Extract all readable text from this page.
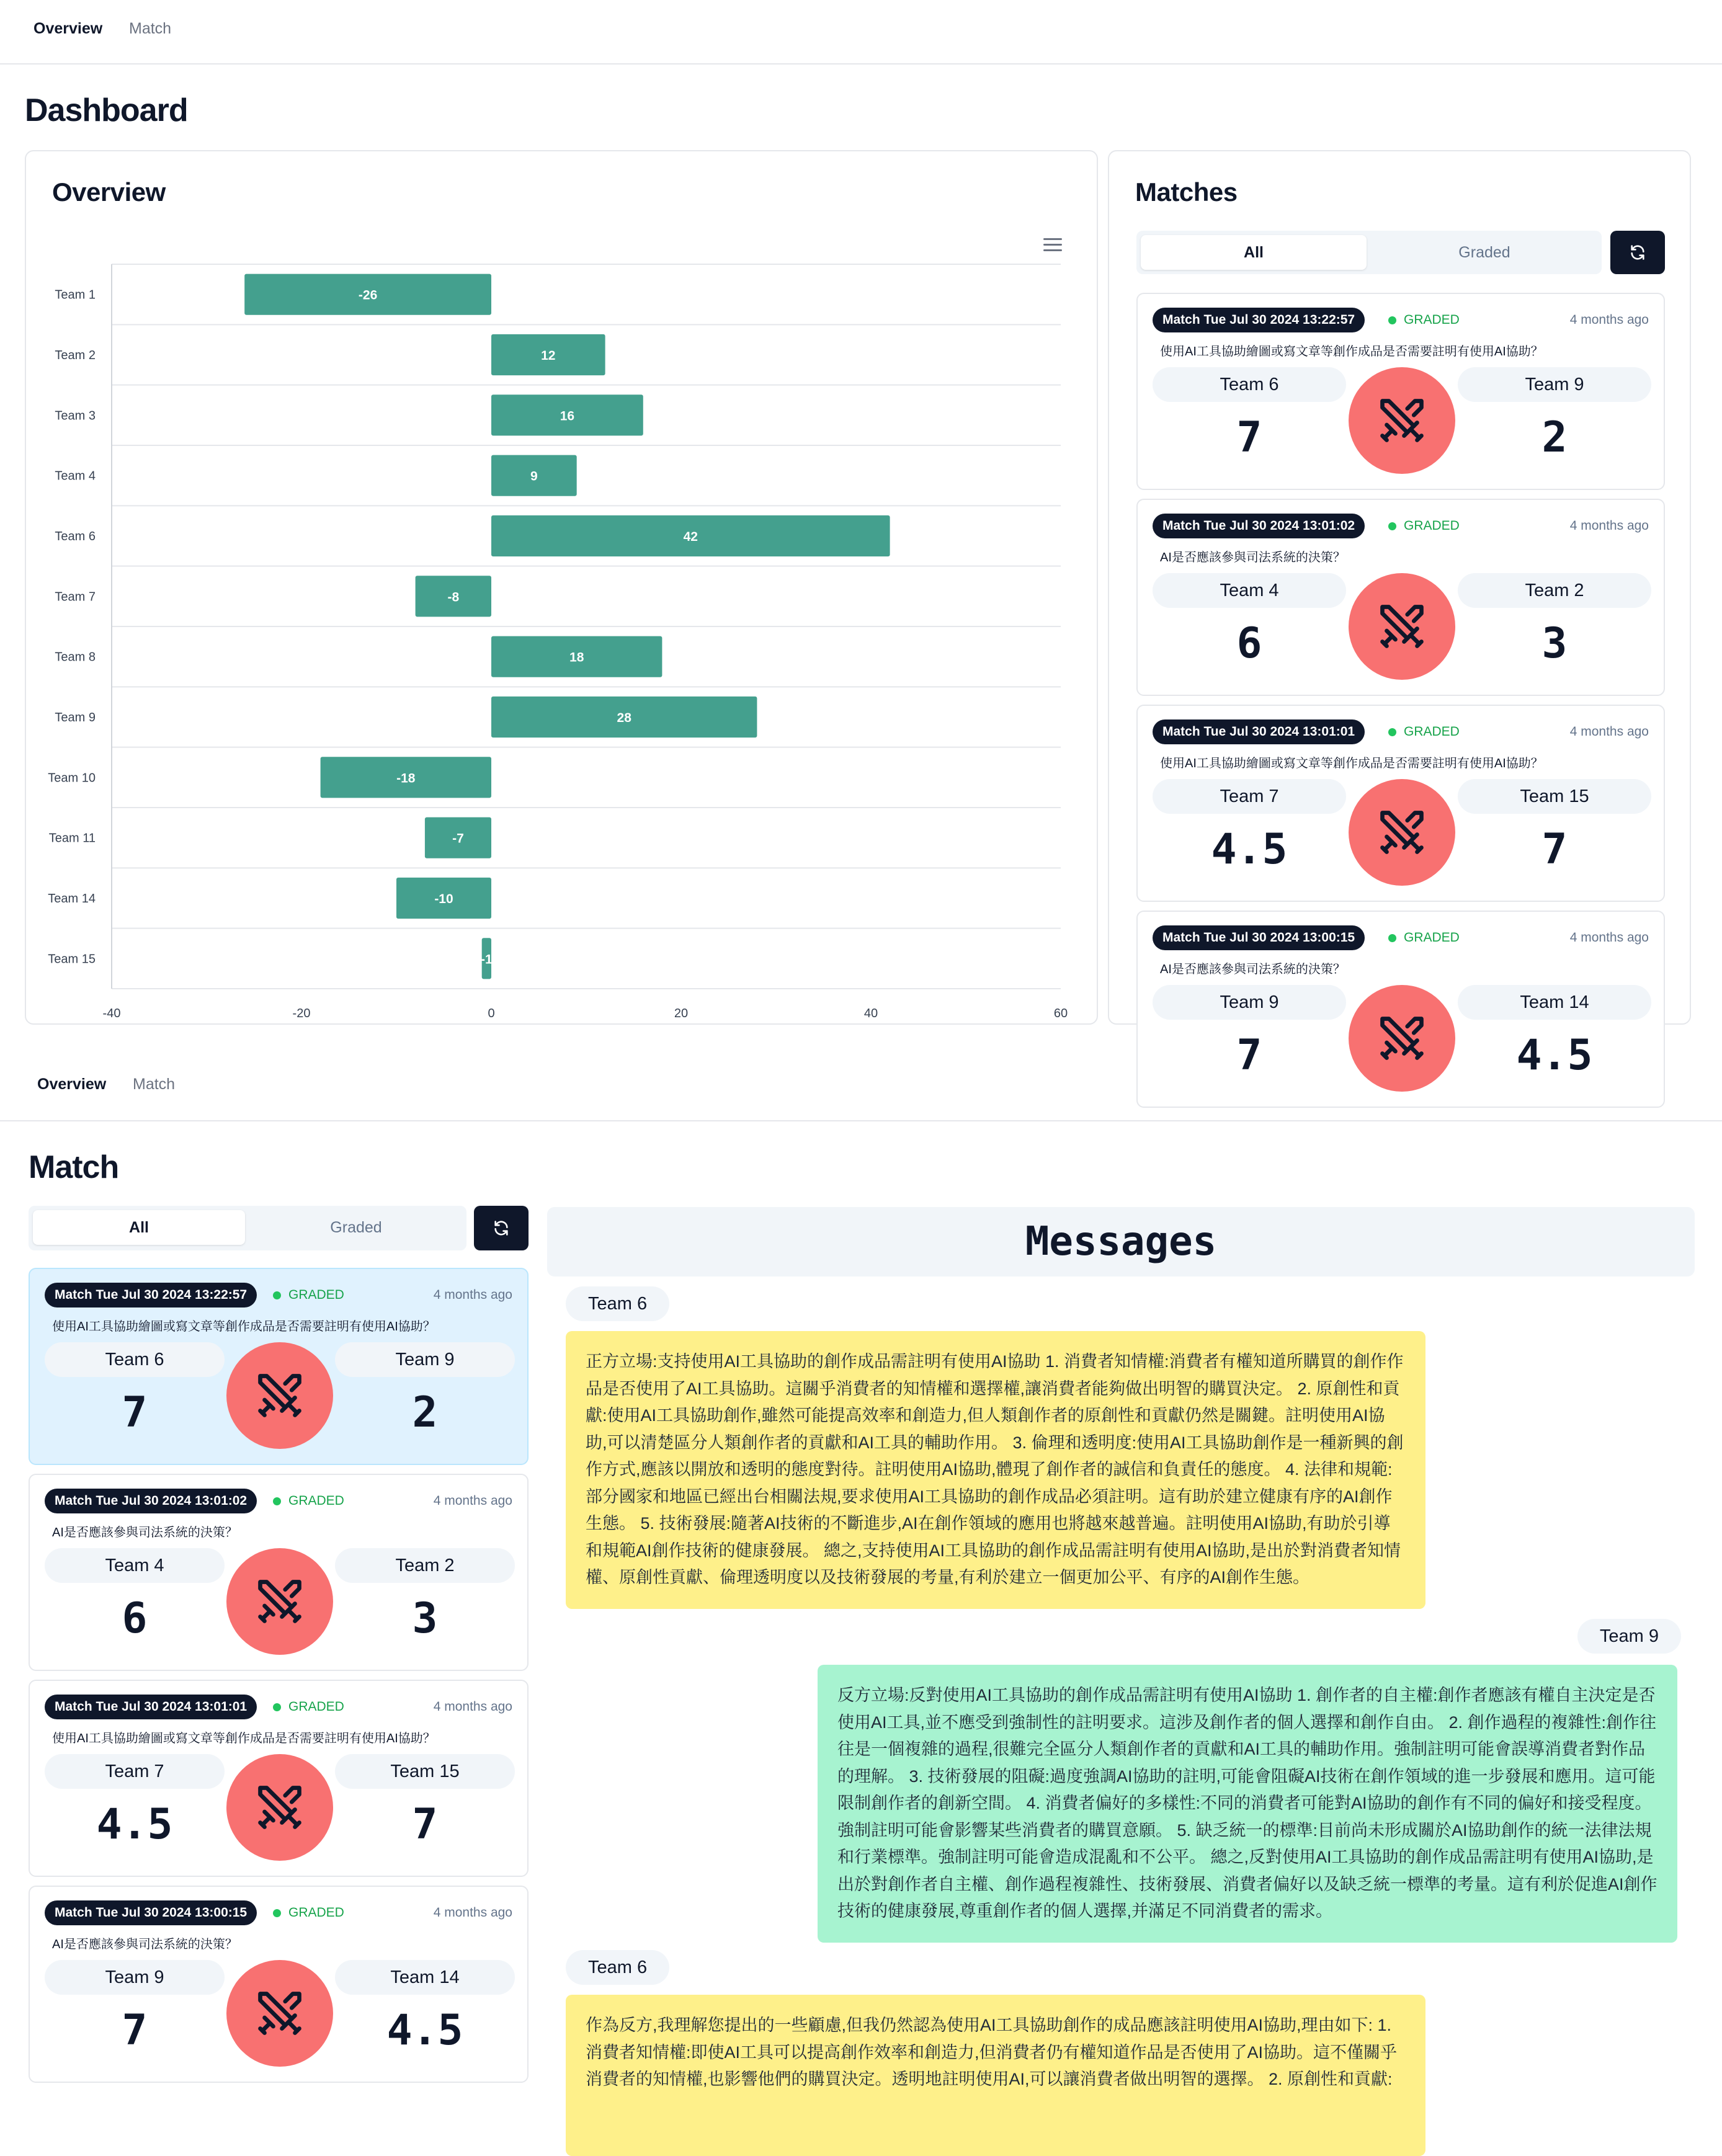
Overview Match
Dashboard
Overview
-40	-20	0	20	40	60
Team 1	-26
Team 2	12
Team 3	16
Team 4	9
Team 6	42
Team 7	-8
Team 8	18
Team 9	28
Team 10	-18
Team 11	-7
Team 14	-10
Team 15	-1
Matches
All	Graded
Match Tue Jul 30 2024 13:22:57	GRADED	4 months ago
使用AI工具協助繪圖或寫文章等創作成品是否需要註明有使用AI協助？
Team 6	Team 9
7	2
Match Tue Jul 30 2024 13:01:02	GRADED	4 months ago
AI是否應該參與司法系統的決策？
Team 4	Team 2
6	3
Match Tue Jul 30 2024 13:01:01	GRADED	4 months ago
使用AI工具協助繪圖或寫文章等創作成品是否需要註明有使用AI協助？
Team 7	Team 15
4.5	7
Match Tue Jul 30 2024 13:00:15	GRADED	4 months ago
AI是否應該參與司法系統的決策？
Team 9	Team 14
7	4.5
Overview Match
Match
All	Graded
Match Tue Jul 30 2024 13:22:57	GRADED	4 months ago
使用AI工具協助繪圖或寫文章等創作成品是否需要註明有使用AI協助？
Team 6	Team 9
7	2
Match Tue Jul 30 2024 13:01:02	GRADED	4 months ago
AI是否應該參與司法系統的決策？
Team 4	Team 2
6	3
Match Tue Jul 30 2024 13:01:01	GRADED	4 months ago
使用AI工具協助繪圖或寫文章等創作成品是否需要註明有使用AI協助？
Team 7	Team 15
4.5	7
Match Tue Jul 30 2024 13:00:15	GRADED	4 months ago
AI是否應該參與司法系統的決策？
Team 9	Team 14
7	4.5
Messages
Team 6
正方立場:支持使用AI工具協助的創作成品需註明有使用AI協助 1. 消費者知情權:消費者有權知道所購買的創作作品是否使用了AI工具協助。這關乎消費者的知情權和選擇權,讓消費者能夠做出明智的購買決定。 2. 原創性和貢獻:使用AI工具協助創作,雖然可能提高效率和創造力,但人類創作者的原創性和貢獻仍然是關鍵。註明使用AI協助,可以清楚區分人類創作者的貢獻和AI工具的輔助作用。 3. 倫理和透明度:使用AI工具協助創作是一種新興的創作方式,應該以開放和透明的態度對待。註明使用AI協助,體現了創作者的誠信和負責任的態度。 4. 法律和規範:部分國家和地區已經出台相關法規,要求使用AI工具協助的創作成品必須註明。這有助於建立健康有序的AI創作生態。 5. 技術發展:隨著AI技術的不斷進步,AI在創作領域的應用也將越來越普遍。註明使用AI協助,有助於引導和規範AI創作技術的健康發展。 總之,支持使用AI工具協助的創作成品需註明有使用AI協助,是出於對消費者知情權、原創性貢獻、倫理透明度以及技術發展的考量,有利於建立一個更加公平、有序的AI創作生態。
Team 9
反方立場:反對使用AI工具協助的創作成品需註明有使用AI協助 1. 創作者的自主權:創作者應該有權自主決定是否使用AI工具,並不應受到強制性的註明要求。這涉及創作者的個人選擇和創作自由。 2. 創作過程的複雜性:創作往往是一個複雜的過程,很難完全區分人類創作者的貢獻和AI工具的輔助作用。強制註明可能會誤導消費者對作品的理解。 3. 技術發展的阻礙:過度強調AI協助的註明,可能會阻礙AI技術在創作領域的進一步發展和應用。這可能限制創作者的創新空間。 4. 消費者偏好的多樣性:不同的消費者可能對AI協助的創作有不同的偏好和接受程度。強制註明可能會影響某些消費者的購買意願。 5. 缺乏統一的標準:目前尚未形成關於AI協助創作的統一法律法規和行業標準。強制註明可能會造成混亂和不公平。 總之,反對使用AI工具協助的創作成品需註明有使用AI協助,是出於對創作者自主權、創作過程複雜性、技術發展、消費者偏好以及缺乏統一標準的考量。這有利於促進AI創作技術的健康發展,尊重創作者的個人選擇,并滿足不同消費者的需求。
Team 6
作為反方,我理解您提出的一些顧慮,但我仍然認為使用AI工具協助創作的成品應該註明使用AI協助,理由如下: 1. 消費者知情權:即使AI工具可以提高創作效率和創造力,但消費者仍有權知道作品是否使用了AI協助。這不僅關乎消費者的知情權,也影響他們的購買決定。透明地註明使用AI,可以讓消費者做出明智的選擇。 2. 原創性和貢獻:
